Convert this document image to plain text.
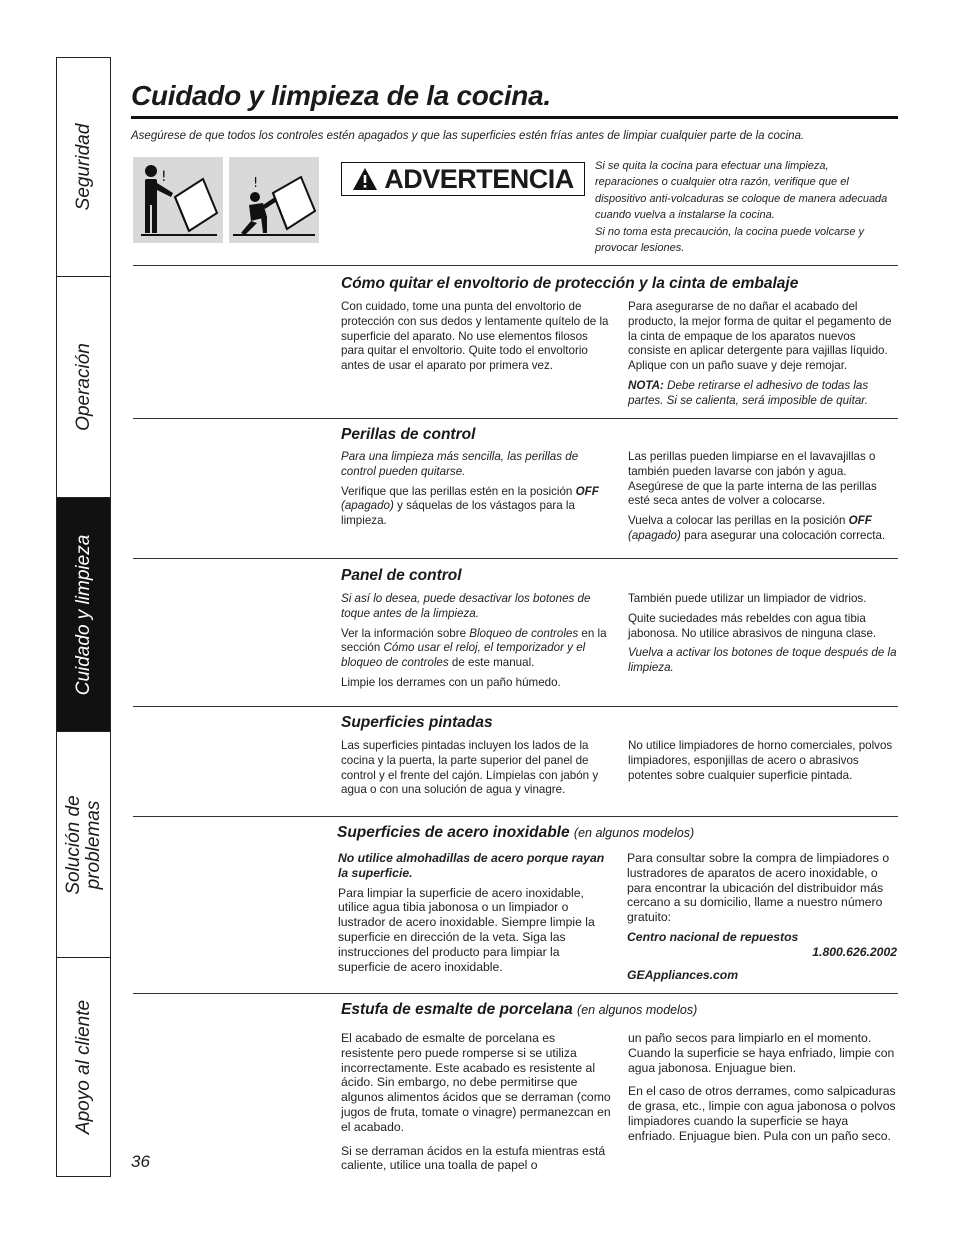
Seguridad
Operación
Cuidado y limpieza
Solución de
problemas
Apoyo al cliente
Cuidado y limpieza de la cocina.
Asegúrese de que todos los controles estén apagados y que las superficies estén frías antes de limpiar cualquier parte de la cocina.
!	!	ADVERTENCIA Si se quita la cocina para efectuar una limpieza, reparaciones o cualquier otra razón, verifique que el dispositivo anti-volcaduras se coloque de manera adecuada cuando vuelva a instalarse la cocina.

Si no toma esta precaución, la cocina puede volcarse y provocar lesiones.

Cómo quitar el envoltorio de protección y la cinta de embalaje

Con cuidado, tome una punta del envoltorio de protección con sus dedos y lentamente quítelo de la superficie del aparato. No use elementos filosos para quitar el envoltorio. Quite todo el envoltorio antes de usar el aparato por primera vez.

Para asegurarse de no dañar el acabado del producto, la mejor forma de quitar el pegamento de la cinta de empaque de los aparatos nuevos consiste en aplicar detergente para vajillas líquido. Aplique con un paño suave y deje remojar.

NOTA: Debe retirarse el adhesivo de todas las partes. Si se calienta, será imposible de quitar.

Perillas de control

Para una limpieza más sencilla, las perillas de control pueden quitarse.

Verifique que las perillas estén en la posición OFF (apagado) y sáquelas de los vástagos para la limpieza.

Las perillas pueden limpiarse en el lavavajillas o también pueden lavarse con jabón y agua. Asegúrese de que la parte interna de las perillas esté seca antes de volver a colocarse.

Vuelva a colocar las perillas en la posición OFF (apagado) para asegurar una colocación correcta.

Panel de control

Si así lo desea, puede desactivar los botones de toque antes de la limpieza.

Ver la información sobre Bloqueo de controles en la sección Cómo usar el reloj, el temporizador y el bloqueo de controles de este manual.

Limpie los derrames con un paño húmedo.

También puede utilizar un limpiador de vidrios.

Quite suciedades más rebeldes con agua tibia jabonosa. No utilice abrasivos de ninguna clase.

Vuelva a activar los botones de toque después de la limpieza.

Superficies pintadas

Las superficies pintadas incluyen los lados de la cocina y la puerta, la parte superior del panel de control y el frente del cajón. Límpielas con jabón y agua o con una solución de agua y vinagre.

No utilice limpiadores de horno comerciales, polvos limpiadores, esponjillas de acero o abrasivos potentes sobre cualquier superficie pintada.

Superficies de acero inoxidable (en algunos modelos)

No utilice almohadillas de acero porque rayan la superficie.

Para limpiar la superficie de acero inoxidable, utilice agua tibia jabonosa o un limpiador o lustrador de acero inoxidable. Siempre limpie la superficie en dirección de la veta. Siga las instrucciones del producto para limpiar la superficie de acero inoxidable.

Para consultar sobre la compra de limpiadores o lustradores de aparatos de acero inoxidable, o para encontrar la ubicación del distribuidor más cercano a su domicilio, llame a nuestro número gratuito:

Centro nacional de repuestos

1.800.626.2002

GEAppliances.com

Estufa de esmalte de porcelana (en algunos modelos)

El acabado de esmalte de porcelana es resistente pero puede romperse si se utiliza incorrectamente. Este acabado es resistente al ácido. Sin embargo, no debe permitirse que algunos alimentos ácidos que se derraman (como jugos de fruta, tomate o vinagre) permanezcan en el acabado.

Si se derraman ácidos en la estufa mientras está caliente, utilice una toalla de papel o

un paño secos para limpiarlo en el momento. Cuando la superficie se haya enfriado, limpie con agua jabonosa. Enjuague bien.

En el caso de otros derrames, como salpicaduras de grasa, etc., limpie con agua jabonosa o polvos limpiadores cuando la superficie se haya enfriado. Enjuague bien. Pula con un paño seco.

36
